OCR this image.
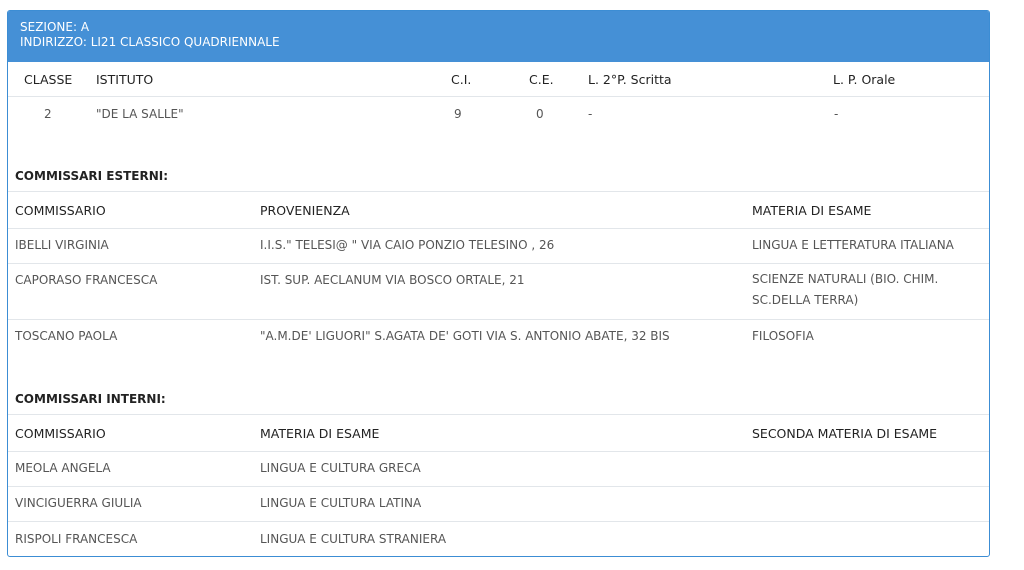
SEZIONE: A
INDIRIZZO: LI21 CLASSICO QUADRIENNALE
CLASSE ISTITUTO	C.I.	C.E.	L. 2°P. Scritta	L. P. Orale
2	"DE LA SALLE"	9	0	-	-
COMMISSARI ESTERNI:
COMMISSARIO	PROVENIENZA	MATERIA DI ESAME
IBELLI VIRGINIA	I.I.S." TELESI@ " VIA CAIO PONZIO TELESINO , 26	LINGUA E LETTERATURA ITALIANA
CAPORASO FRANCESCA	IST. SUP. AECLANUM VIA BOSCO ORTALE, 21	SCIENZE NATURALI (BIO. CHIM. SC.DELLA TERRA)
TOSCANO PAOLA	"A.M.DE' LIGUORI" S.AGATA DE' GOTI VIA S. ANTONIO ABATE, 32 BIS	FILOSOFIA
COMMISSARI INTERNI:
COMMISSARIO	MATERIA DI ESAME	SECONDA MATERIA DI ESAME
MEOLA ANGELA	LINGUA E CULTURA GRECA
VINCIGUERRA GIULIA	LINGUA E CULTURA LATINA
RISPOLI FRANCESCA	LINGUA E CULTURA STRANIERA
